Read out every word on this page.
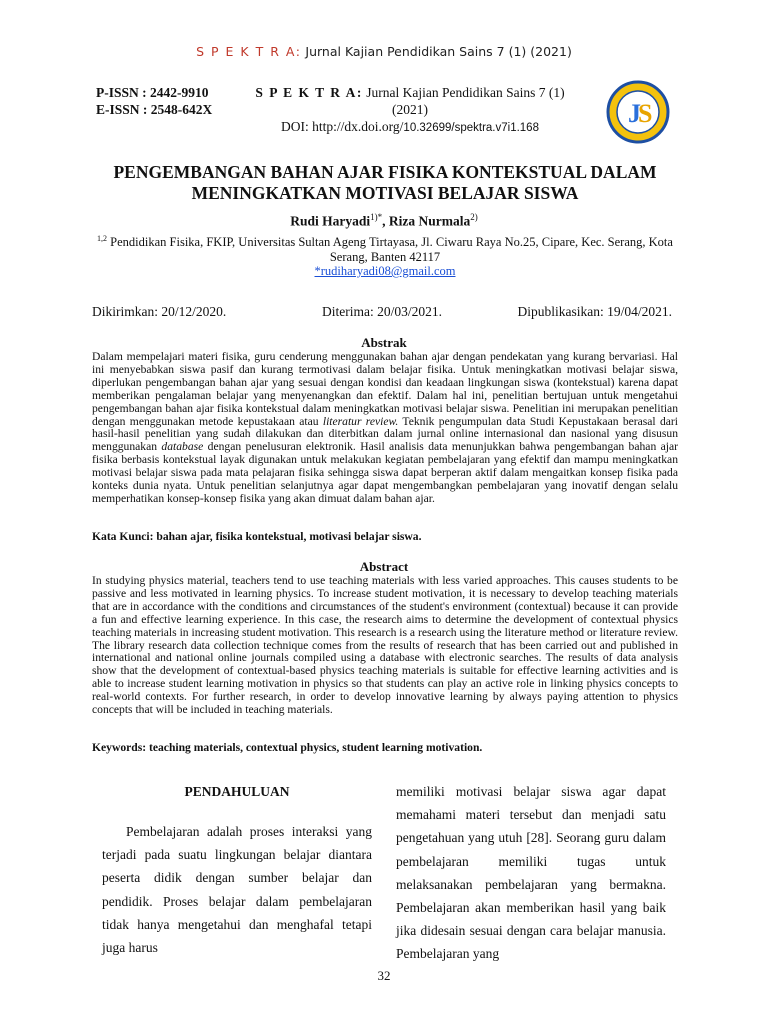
S P E K T R A: Jurnal Kajian Pendidikan Sains 7 (1) (2021)
P-ISSN : 2442-9910
E-ISSN : 2548-642X
S P E K T R A: Jurnal Kajian Pendidikan Sains 7 (1) (2021)
DOI: http://dx.doi.org/10.32699/spektra.v7i1.168	J
S
PENGEMBANGAN BAHAN AJAR FISIKA KONTEKSTUAL DALAM MENINGKATKAN MOTIVASI BELAJAR SISWA
Rudi Haryadi$^{1)*}$, Riza Nurmala$^{2)}$
$^{1,2}$ Pendidikan Fisika, FKIP, Universitas Sultan Ageng Tirtayasa, Jl. Ciwaru Raya No.25, Cipare, Kec. Serang, Kota Serang, Banten 42117
*rudiharyadi08@gmail.com
Dikirimkan: 20/12/2020.	Diterima: 20/03/2021.	Dipublikasikan: 19/04/2021.
Abstrak

Dalam mempelajari materi fisika, guru cenderung menggunakan bahan ajar dengan pendekatan yang kurang bervariasi. Hal ini menyebabkan siswa pasif dan kurang termotivasi dalam belajar fisika. Untuk meningkatkan motivasi belajar siswa, diperlukan pengembangan bahan ajar yang sesuai dengan kondisi dan keadaan lingkungan siswa (kontekstual) karena dapat memberikan pengalaman belajar yang menyenangkan dan efektif. Dalam hal ini, penelitian bertujuan untuk mengetahui pengembangan bahan ajar fisika kontekstual dalam meningkatkan motivasi belajar siswa. Penelitian ini merupakan penelitian dengan menggunakan metode kepustakaan atau literatur review. Teknik pengumpulan data Studi Kepustakaan berasal dari hasil-hasil penelitian yang sudah dilakukan dan diterbitkan dalam jurnal online internasional dan nasional yang disusun menggunakan database dengan penelusuran elektronik. Hasil analisis data menunjukkan bahwa pengembangan bahan ajar fisika berbasis kontekstual layak digunakan untuk melakukan kegiatan pembelajaran yang efektif dan mampu meningkatkan motivasi belajar siswa pada mata pelajaran fisika sehingga siswa dapat berperan aktif dalam mengaitkan konsep fisika pada konteks dunia nyata. Untuk penelitian selanjutnya agar dapat mengembangkan pembelajaran yang inovatif dengan selalu memperhatikan konsep-konsep fisika yang akan dimuat dalam bahan ajar.

Kata Kunci: bahan ajar, fisika kontekstual, motivasi belajar siswa.
Abstract

In studying physics material, teachers tend to use teaching materials with less varied approaches. This causes students to be passive and less motivated in learning physics. To increase student motivation, it is necessary to develop teaching materials that are in accordance with the conditions and circumstances of the student's environment (contextual) because it can provide a fun and effective learning experience. In this case, the research aims to determine the development of contextual physics teaching materials in increasing student motivation. This research is a research using the literature method or literature review. The library research data collection technique comes from the results of research that has been carried out and published in international and national online journals compiled using a database with electronic searches. The results of data analysis show that the development of contextual-based physics teaching materials is suitable for effective learning activities and is able to increase student learning motivation in physics so that students can play an active role in linking physics concepts to real-world contexts. For further research, in order to develop innovative learning by always paying attention to physics concepts that will be included in teaching materials.

Keywords: teaching materials, contextual physics, student learning motivation.
PENDAHULUAN

Pembelajaran adalah proses interaksi yang terjadi pada suatu lingkungan belajar diantara peserta didik dengan sumber belajar dan pendidik. Proses belajar dalam pembelajaran tidak hanya mengetahui dan menghafal tetapi juga harus

memiliki motivasi belajar siswa agar dapat memahami materi tersebut dan menjadi satu pengetahuan yang utuh [28]. Seorang guru dalam pembelajaran memiliki tugas untuk melaksanakan pembelajaran yang bermakna. Pembelajaran akan memberikan hasil yang baik jika didesain sesuai dengan cara belajar manusia. Pembelajaran yang

32
